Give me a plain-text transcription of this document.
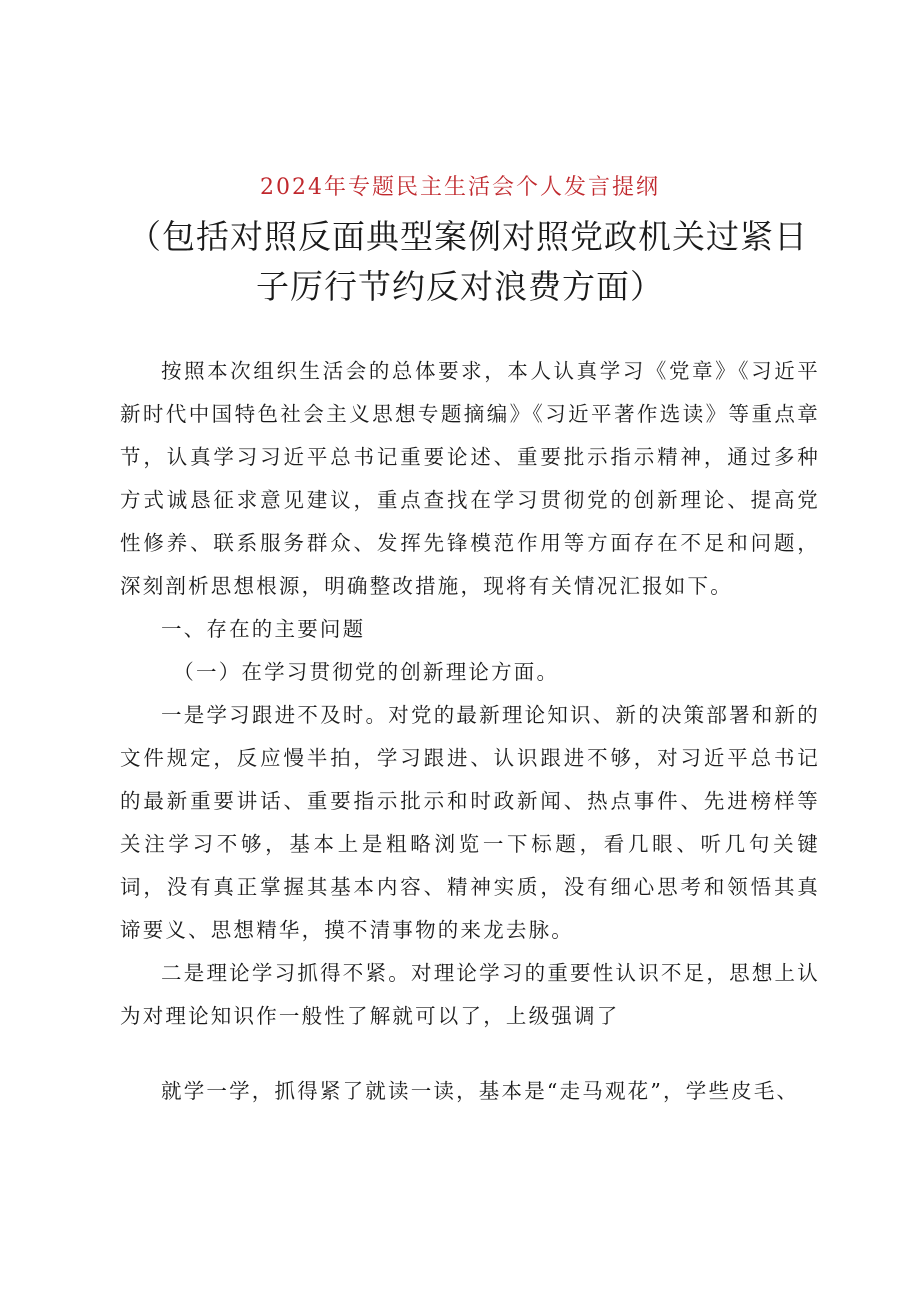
2024年专题民主生活会个人发言提纲
（包括对照反面典型案例对照党政机关过紧日
子厉行节约反对浪费方面）

按照本次组织生活会的总体要求，本人认真学习《党章》《习近平新时代中国特色社会主义思想专题摘编》《习近平著作选读》等重点章节，认真学习习近平总书记重要论述、重要批示指示精神，通过多种方式诚恳征求意见建议，重点查找在学习贯彻党的创新理论、提高党性修养、联系服务群众、发挥先锋模范作用等方面存在不足和问题，深刻剖析思想根源，明确整改措施，现将有关情况汇报如下。

一、存在的主要问题

（一）在学习贯彻党的创新理论方面。

一是学习跟进不及时。对党的最新理论知识、新的决策部署和新的文件规定，反应慢半拍，学习跟进、认识跟进不够，对习近平总书记的最新重要讲话、重要指示批示和时政新闻、热点事件、先进榜样等关注学习不够，基本上是粗略浏览一下标题，看几眼、听几句关键词，没有真正掌握其基本内容、精神实质，没有细心思考和领悟其真谛要义、思想精华，摸不清事物的来龙去脉。

二是理论学习抓得不紧。对理论学习的重要性认识不足，思想上认为对理论知识作一般性了解就可以了，上级强调了

就学一学，抓得紧了就读一读，基本是“走马观花”，学些皮毛、
